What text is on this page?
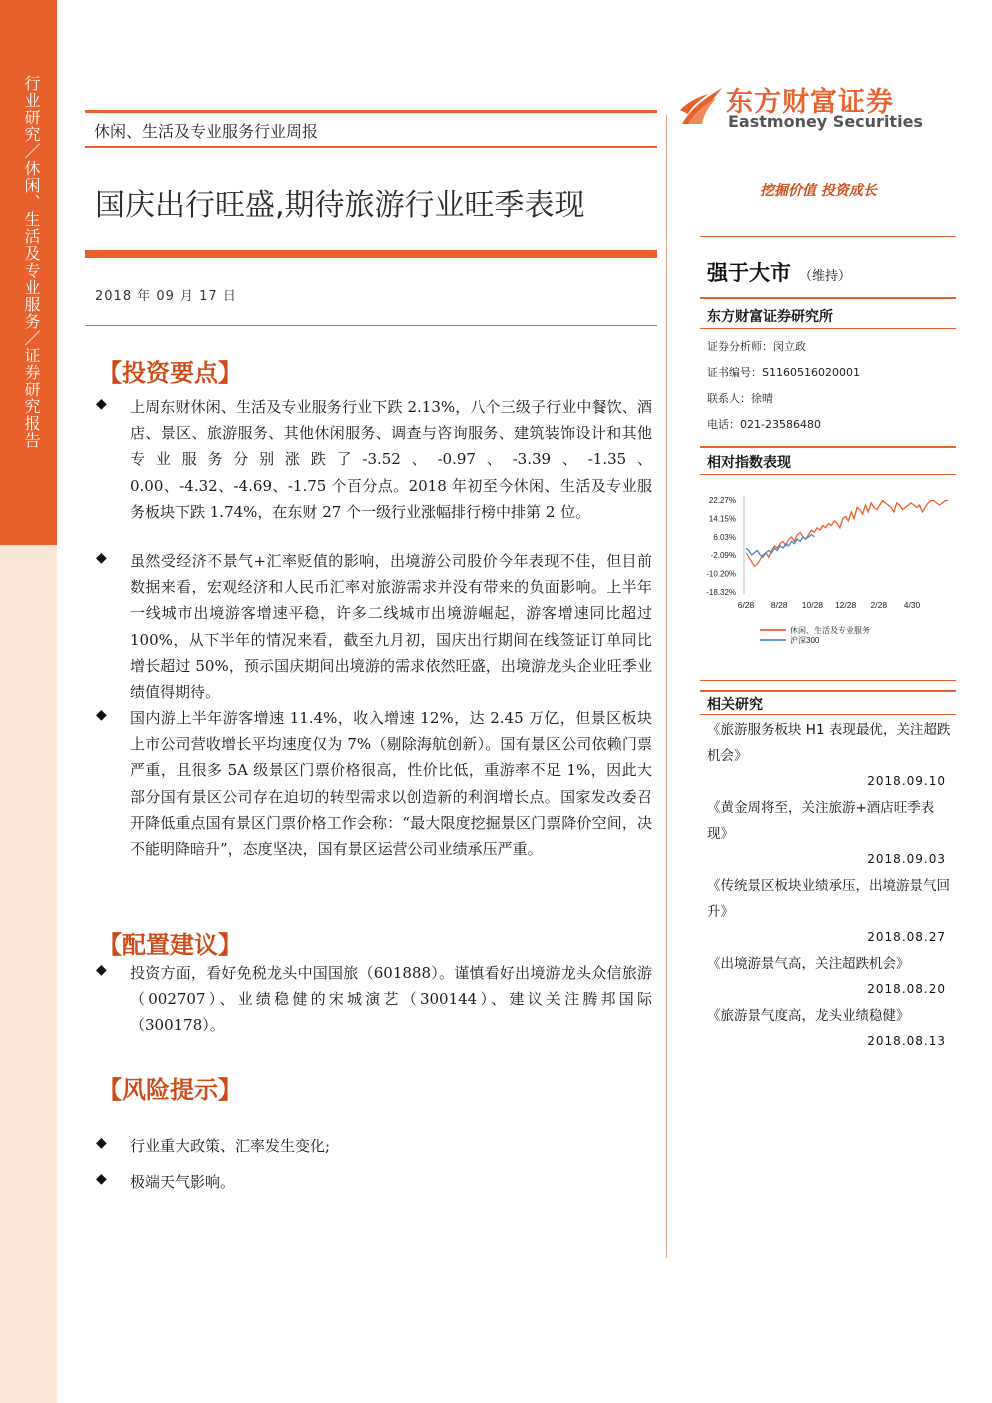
行业研究／休闲、生活及专业服务／证券研究报告	休闲、生活及专业服务行业周报
国庆出行旺盛,期待旅游行业旺季表现
2018 年 09 月 17 日
【投资要点】
◆ 上周东财休闲、生活及专业服务行业下跌 2.13%，八个三级子行业中餐饮、酒店、景区、旅游服务、其他休闲服务、调查与咨询服务、建筑装饰设计和其他专业服务分别涨跌了-3.52、-0.97、-3.39、-1.35、0.00、-4.32、-4.69、-1.75 个百分点。2018 年初至今休闲、生活及专业服务板块下跌 1.74%，在东财 27 个一级行业涨幅排行榜中排第 2 位。
◆ 虽然受经济不景气+汇率贬值的影响，出境游公司股价今年表现不佳，但目前数据来看，宏观经济和人民币汇率对旅游需求并没有带来的负面影响。上半年一线城市出境游客增速平稳，许多二线城市出境游崛起，游客增速同比超过 100%，从下半年的情况来看，截至九月初，国庆出行期间在线签证订单同比增长超过 50%，预示国庆期间出境游的需求依然旺盛，出境游龙头企业旺季业绩值得期待。
◆ 国内游上半年游客增速 11.4%，收入增速 12%，达 2.45 万亿，但景区板块上市公司营收增长平均速度仅为 7%（剔除海航创新）。国有景区公司依赖门票严重，且很多 5A 级景区门票价格很高，性价比低，重游率不足 1%，因此大部分国有景区公司存在迫切的转型需求以创造新的利润增长点。国家发改委召开降低重点国有景区门票价格工作会称：“最大限度挖掘景区门票降价空间，决不能明降暗升”，态度坚决，国有景区运营公司业绩承压严重。
【配置建议】
◆ 投资方面，看好免税龙头中国国旅（601888）。谨慎看好出境游龙头众信旅游（002707）、业绩稳健的宋城演艺（300144）、建议关注腾邦国际（300178）。
【风险提示】
◆ 行业重大政策、汇率发生变化;
◆ 极端天气影响。
东方财富证券
Eastmoney Securities
挖掘价值 投资成长
强于大市 （维持）
东方财富证券研究所
证券分析师：闵立政
证书编号：S1160516020001
联系人：徐晴
电话：021-23586480
相对指数表现
22.27%
14.15%
6.03%
-2.09%
-10.20%
-18.32%
6/28 8/28 10/28 12/28 2/28 4/30
休闲、生活及专业服务
沪深300
相关研究
《旅游服务板块 H1 表现最优，关注超跌机会》
2018.09.10
《黄金周将至，关注旅游+酒店旺季表现》
2018.09.03
《传统景区板块业绩承压，出境游景气回升》
2018.08.27
《出境游景气高，关注超跌机会》
2018.08.20
《旅游景气度高，龙头业绩稳健》
2018.08.13
